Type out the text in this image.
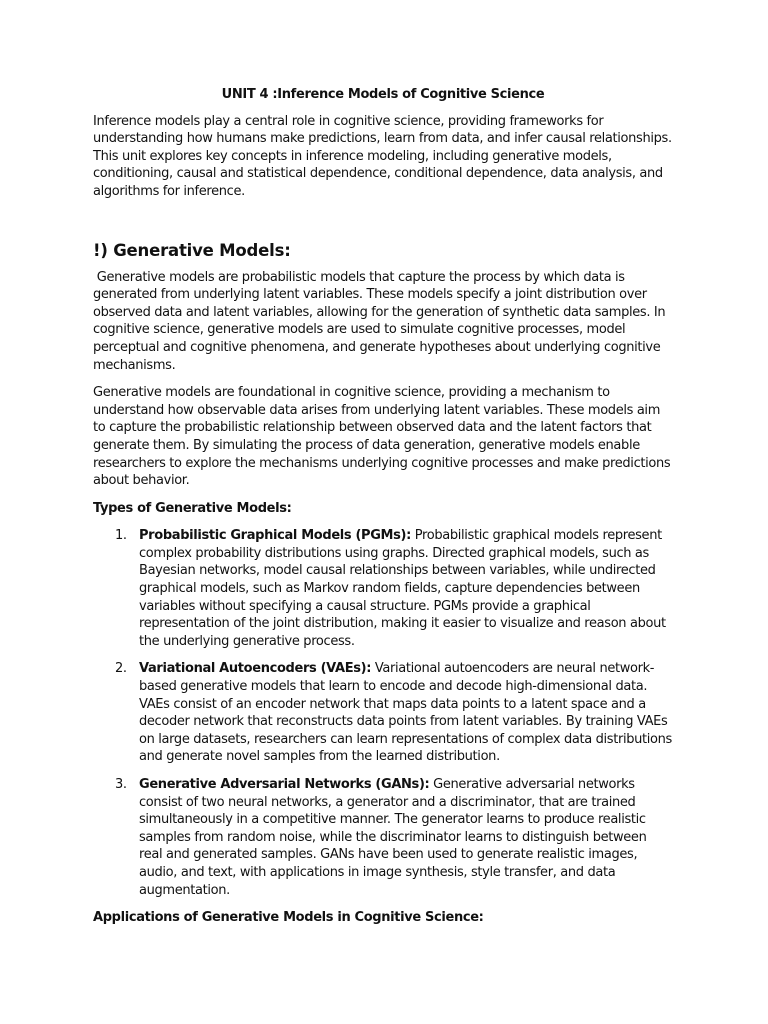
UNIT 4 :Inference Models of Cognitive Science

Inference models play a central role in cognitive science, providing frameworks for understanding how humans make predictions, learn from data, and infer causal relationships. This unit explores key concepts in inference modeling, including generative models, conditioning, causal and statistical dependence, conditional dependence, data analysis, and algorithms for inference.

!) Generative Models:

Generative models are probabilistic models that capture the process by which data is generated from underlying latent variables. These models specify a joint distribution over observed data and latent variables, allowing for the generation of synthetic data samples. In cognitive science, generative models are used to simulate cognitive processes, model perceptual and cognitive phenomena, and generate hypotheses about underlying cognitive mechanisms.

Generative models are foundational in cognitive science, providing a mechanism to understand how observable data arises from underlying latent variables. These models aim to capture the probabilistic relationship between observed data and the latent factors that generate them. By simulating the process of data generation, generative models enable researchers to explore the mechanisms underlying cognitive processes and make predictions about behavior.

Types of Generative Models:

1. Probabilistic Graphical Models (PGMs): Probabilistic graphical models represent complex probability distributions using graphs. Directed graphical models, such as Bayesian networks, model causal relationships between variables, while undirected graphical models, such as Markov random fields, capture dependencies between variables without specifying a causal structure. PGMs provide a graphical representation of the joint distribution, making it easier to visualize and reason about the underlying generative process.
2. Variational Autoencoders (VAEs): Variational autoencoders are neural network-based generative models that learn to encode and decode high-dimensional data. VAEs consist of an encoder network that maps data points to a latent space and a decoder network that reconstructs data points from latent variables. By training VAEs on large datasets, researchers can learn representations of complex data distributions and generate novel samples from the learned distribution.
3. Generative Adversarial Networks (GANs): Generative adversarial networks consist of two neural networks, a generator and a discriminator, that are trained simultaneously in a competitive manner. The generator learns to produce realistic samples from random noise, while the discriminator learns to distinguish between real and generated samples. GANs have been used to generate realistic images, audio, and text, with applications in image synthesis, style transfer, and data augmentation.

Applications of Generative Models in Cognitive Science:
